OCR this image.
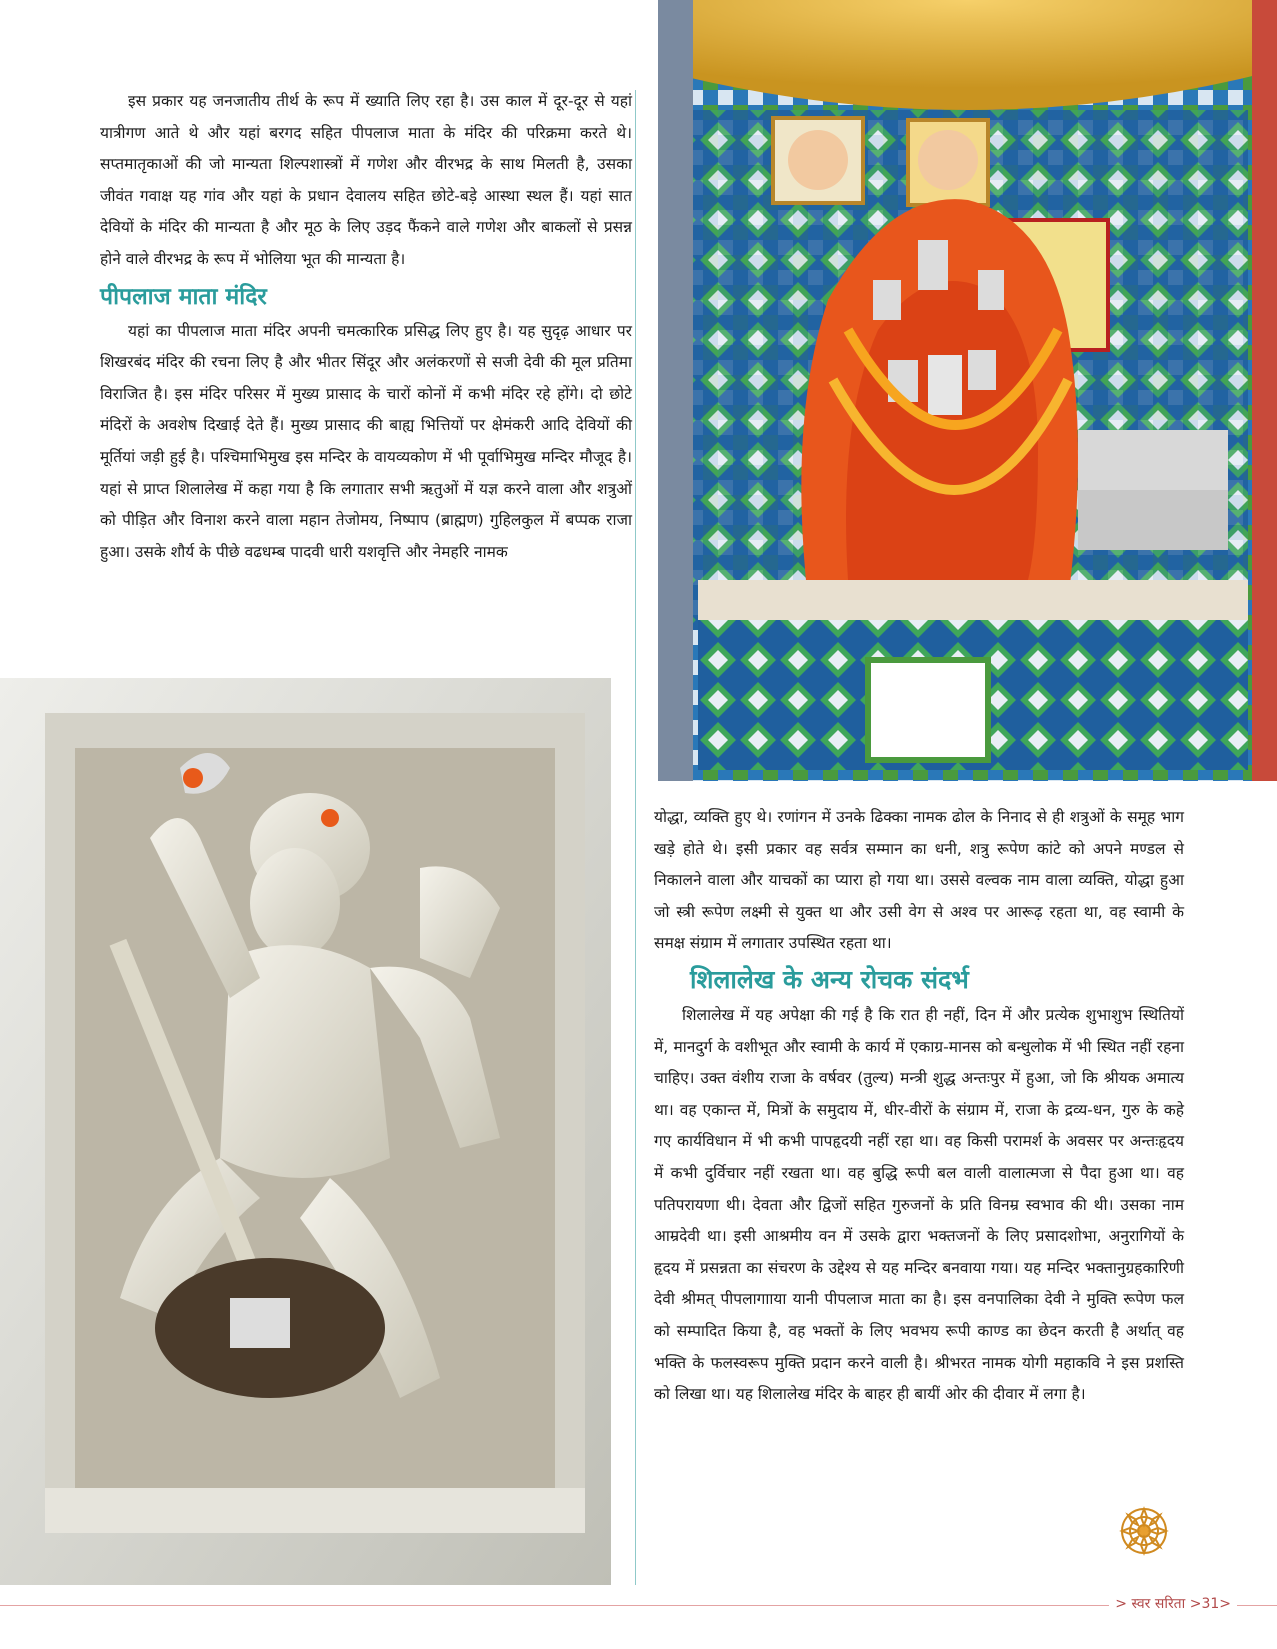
इस प्रकार यह जनजातीय तीर्थ के रूप में ख्याति लिए रहा है। उस काल में दूर-दूर से यहां यात्रीगण आते थे और यहां बरगद सहित पीपलाज माता के मंदिर की परिक्रमा करते थे। सप्तमातृकाओं की जो मान्यता शिल्पशास्त्रों में गणेश और वीरभद्र के साथ मिलती है, उसका जीवंत गवाक्ष यह गांव और यहां के प्रधान देवालय सहित छोटे-बड़े आस्था स्थल हैं। यहां सात देवियों के मंदिर की मान्यता है और मूठ के लिए उड़द फैंकने वाले गणेश और बाकलों से प्रसन्न होने वाले वीरभद्र के रूप में भोलिया भूत की मान्यता है।

पीपलाज माता मंदिर

यहां का पीपलाज माता मंदिर अपनी चमत्कारिक प्रसिद्ध लिए हुए है। यह सुदृढ़ आधार पर शिखरबंद मंदिर की रचना लिए है और भीतर सिंदूर और अलंकरणों से सजी देवी की मूल प्रतिमा विराजित है। इस मंदिर परिसर में मुख्य प्रासाद के चारों कोनों में कभी मंदिर रहे होंगे। दो छोटे मंदिरों के अवशेष दिखाई देते हैं। मुख्य प्रासाद की बाह्य भित्तियों पर क्षेमंकरी आदि देवियों की मूर्तियां जड़ी हुई है। पश्चिमाभिमुख इस मन्दिर के वायव्यकोण में भी पूर्वाभिमुख मन्दिर मौजूद है। यहां से प्राप्त शिलालेख में कहा गया है कि लगातार सभी ऋतुओं में यज्ञ करने वाला और शत्रुओं को पीड़ित और विनाश करने वाला महान तेजोमय, निष्पाप (ब्राह्मण) गुहिलकुल में बप्पक राजा हुआ। उसके शौर्य के पीछे वढधम्ब पादवी धारी यशवृत्ति और नेमहरि नामक

योद्धा, व्यक्ति हुए थे। रणांगन में उनके ढिक्का नामक ढोल के निनाद से ही शत्रुओं के समूह भाग खड़े होते थे। इसी प्रकार वह सर्वत्र सम्मान का धनी, शत्रु रूपेण कांटे को अपने मण्डल से निकालने वाला और याचकों का प्यारा हो गया था। उससे वल्वक नाम वाला व्यक्ति, योद्धा हुआ जो स्त्री रूपेण लक्ष्मी से युक्त था और उसी वेग से अश्व पर आरूढ़ रहता था, वह स्वामी के समक्ष संग्राम में लगातार उपस्थित रहता था।

शिलालेख के अन्य रोचक संदर्भ

शिलालेख में यह अपेक्षा की गई है कि रात ही नहीं, दिन में और प्रत्येक शुभाशुभ स्थितियों में, मानदुर्ग के वशीभूत और स्वामी के कार्य में एकाग्र-मानस को बन्धुलोक में भी स्थित नहीं रहना चाहिए। उक्त वंशीय राजा के वर्षवर (तुल्य) मन्त्री शुद्ध अन्तःपुर में हुआ, जो कि श्रीयक अमात्य था। वह एकान्त में, मित्रों के समुदाय में, धीर-वीरों के संग्राम में, राजा के द्रव्य-धन, गुरु के कहे गए कार्यविधान में भी कभी पापहृदयी नहीं रहा था। वह किसी परामर्श के अवसर पर अन्तःहृदय में कभी दुर्विचार नहीं रखता था। वह बुद्धि रूपी बल वाली वालात्मजा से पैदा हुआ था। वह पतिपरायणा थी। देवता और द्विजों सहित गुरुजनों के प्रति विनम्र स्वभाव की थी। उसका नाम आम्रदेवी था। इसी आश्रमीय वन में उसके द्वारा भक्तजनों के लिए प्रसादशोभा, अनुरागियों के हृदय में प्रसन्नता का संचरण के उद्देश्य से यह मन्दिर बनवाया गया। यह मन्दिर भक्तानुग्रहकारिणी देवी श्रीमत् पीपलागााया यानी पीपलाज माता का है। इस वनपालिका देवी ने मुक्ति रूपेण फल को सम्पादित किया है, वह भक्तों के लिए भवभय रूपी काण्ड का छेदन करती है अर्थात् वह भक्ति के फलस्वरूप मुक्ति प्रदान करने वाली है। श्रीभरत नामक योगी महाकवि ने इस प्रशस्ति को लिखा था। यह शिलालेख मंदिर के बाहर ही बायीं ओर की दीवार में लगा है।

> स्वर सरिता >31>
